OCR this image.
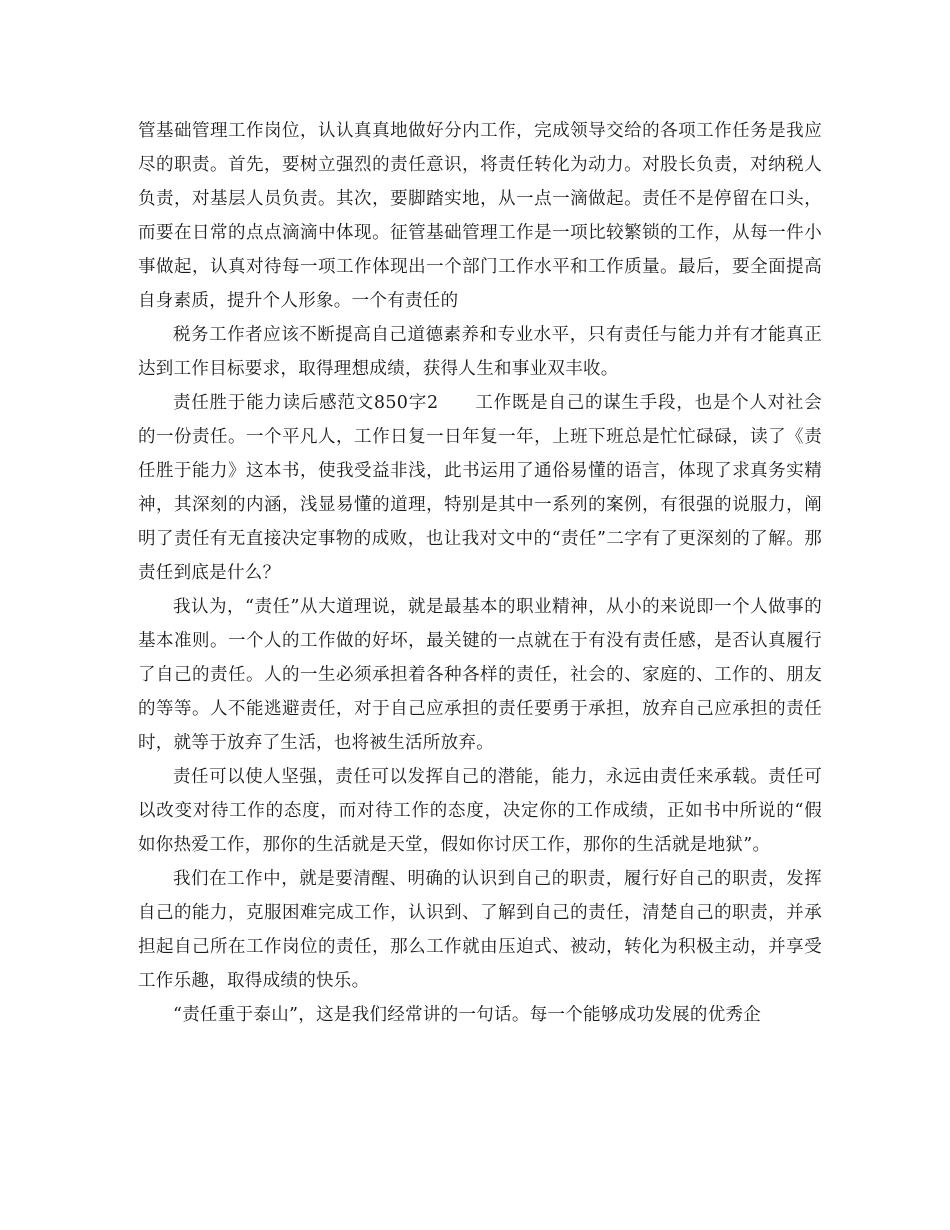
管基础管理工作岗位，认认真真地做好分内工作，完成领导交给的各项工作任务是我应尽的职责。首先，要树立强烈的责任意识，将责任转化为动力。对股长负责，对纳税人负责，对基层人员负责。其次，要脚踏实地，从一点一滴做起。责任不是停留在口头，而要在日常的点点滴滴中体现。征管基础管理工作是一项比较繁锁的工作，从每一件小事做起，认真对待每一项工作体现出一个部门工作水平和工作质量。最后，要全面提高自身素质，提升个人形象。一个有责任的

税务工作者应该不断提高自己道德素养和专业水平，只有责任与能力并有才能真正达到工作目标要求，取得理想成绩，获得人生和事业双丰收。

责任胜于能力读后感范文850字2　　工作既是自己的谋生手段，也是个人对社会的一份责任。一个平凡人，工作日复一日年复一年，上班下班总是忙忙碌碌，读了《责任胜于能力》这本书，使我受益非浅，此书运用了通俗易懂的语言，体现了求真务实精神，其深刻的内涵，浅显易懂的道理，特别是其中一系列的案例，有很强的说服力，阐明了责任有无直接决定事物的成败，也让我对文中的“责任”二字有了更深刻的了解。那责任到底是什么？

我认为，“责任”从大道理说，就是最基本的职业精神，从小的来说即一个人做事的基本准则。一个人的工作做的好坏，最关键的一点就在于有没有责任感，是否认真履行了自己的责任。人的一生必须承担着各种各样的责任，社会的、家庭的、工作的、朋友的等等。人不能逃避责任，对于自己应承担的责任要勇于承担，放弃自己应承担的责任时，就等于放弃了生活，也将被生活所放弃。

责任可以使人坚强，责任可以发挥自己的潜能，能力，永远由责任来承载。责任可以改变对待工作的态度，而对待工作的态度，决定你的工作成绩，正如书中所说的“假如你热爱工作，那你的生活就是天堂，假如你讨厌工作，那你的生活就是地狱”。

我们在工作中，就是要清醒、明确的认识到自己的职责，履行好自己的职责，发挥自己的能力，克服困难完成工作，认识到、了解到自己的责任，清楚自己的职责，并承担起自己所在工作岗位的责任，那么工作就由压迫式、被动，转化为积极主动，并享受工作乐趣，取得成绩的快乐。

“责任重于泰山”，这是我们经常讲的一句话。每一个能够成功发展的优秀企
